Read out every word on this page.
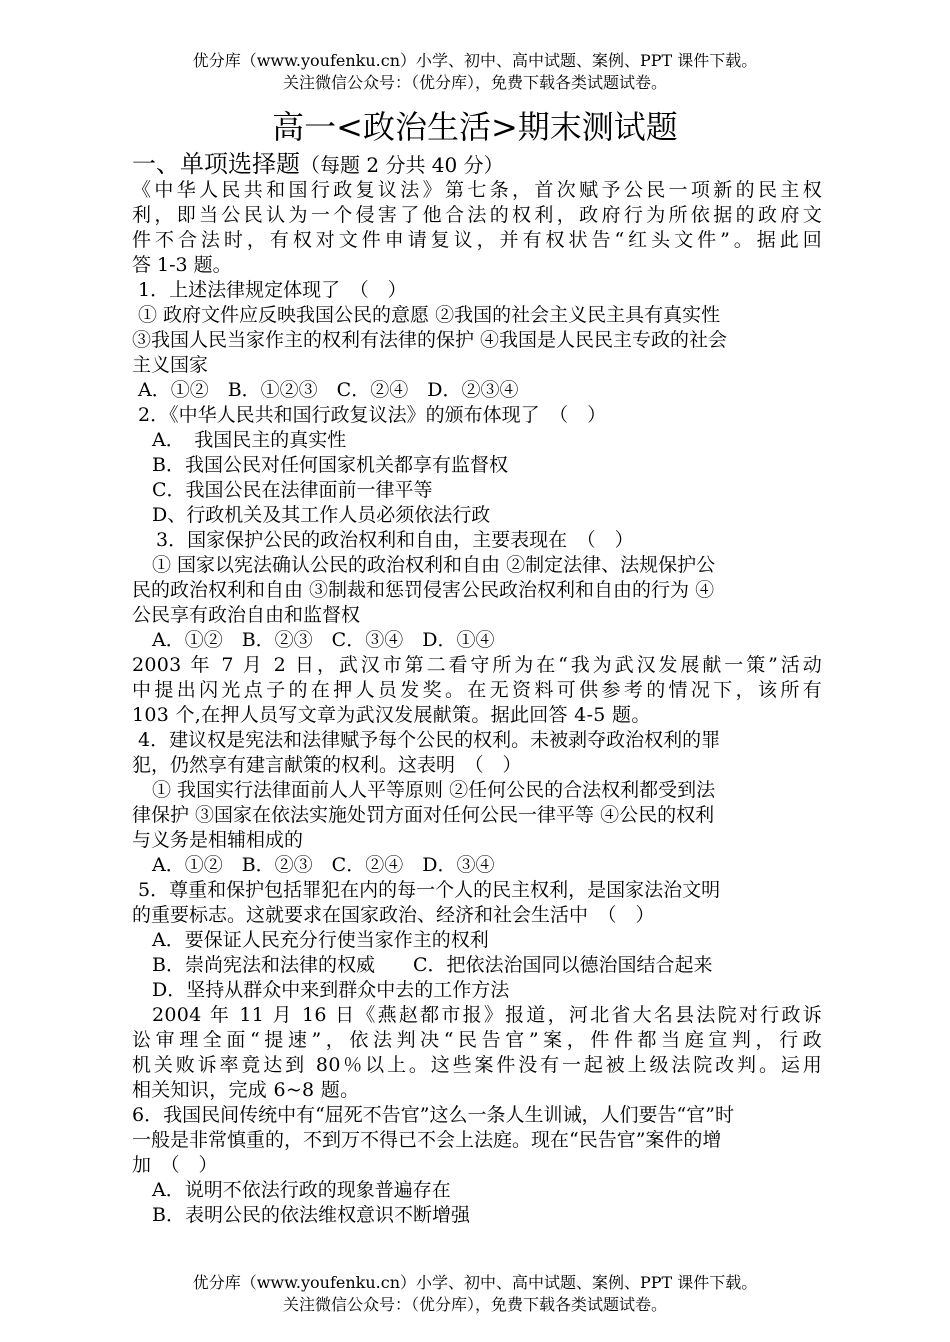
优分库（www.youfenku.cn）小学、初中、高中试题、案例、PPT 课件下载。
关注微信公众号：（优分库），免费下载各类试题试卷。
高一<政治生活>期末测试题
一、单项选择题（每题 2 分共 40 分）
《中华人民共和国行政复议法》第七条，首次赋予公民一项新的民主权
利，即当公民认为一个侵害了他合法的权利，政府行为所依据的政府文
件不合法时，有权对文件申请复议，并有权状告“红头文件”。据此回
答 1-3 题。
1．上述法律规定体现了　（　）
① 政府文件应反映我国公民的意愿 ②我国的社会主义民主具有真实性
③我国人民当家作主的权利有法律的保护 ④我国是人民民主专政的社会
主义国家
A．①②　B．①②③　C．②④　D．②③④
2．《中华人民共和国行政复议法》的颁布体现了　（　）
A．　我国民主的真实性
B．我国公民对任何国家机关都享有监督权
C．我国公民在法律面前一律平等
D、行政机关及其工作人员必须依法行政
3．国家保护公民的政治权利和自由，主要表现在　（　）
① 国家以宪法确认公民的政治权利和自由 ②制定法律、法规保护公
民的政治权利和自由 ③制裁和惩罚侵害公民政治权利和自由的行为 ④
公民享有政治自由和监督权
A．①②　B．②③　C．③④　D．①④
2003 年 7 月 2 日，武汉市第二看守所为在“我为武汉发展献一策”活动
中提出闪光点子的在押人员发奖。在无资料可供参考的情况下，该所有
103 个,在押人员写文章为武汉发展献策。据此回答 4-5 题。
4．建议权是宪法和法律赋予每个公民的权利。未被剥夺政治权利的罪
犯，仍然享有建言献策的权利。这表明　（　）
① 我国实行法律面前人人平等原则 ②任何公民的合法权利都受到法
律保护 ③国家在依法实施处罚方面对任何公民一律平等 ④公民的权利
与义务是相辅相成的
A．①②　B．②③　C．②④　D．③④
5．尊重和保护包括罪犯在内的每一个人的民主权利，是国家法治文明
的重要标志。这就要求在国家政治、经济和社会生活中　（　）
A．要保证人民充分行使当家作主的权利
B．崇尚宪法和法律的权威　　C．把依法治国同以德治国结合起来
D．坚持从群众中来到群众中去的工作方法
2004 年 11 月 16 日《燕赵都市报》报道，河北省大名县法院对行政诉
讼审理全面“提速”，依法判决“民告官”案，件件都当庭宣判，行政
机关败诉率竟达到 80％以上。这些案件没有一起被上级法院改判。运用
相关知识，完成 6~8 题。
6．我国民间传统中有“屈死不告官”这么一条人生训诫，人们要告“官”时
一般是非常慎重的，不到万不得已不会上法庭。现在“民告官”案件的增
加　（　）
A．说明不依法行政的现象普遍存在
B．表明公民的依法维权意识不断增强
优分库（www.youfenku.cn）小学、初中、高中试题、案例、PPT 课件下载。
关注微信公众号：（优分库），免费下载各类试题试卷。
